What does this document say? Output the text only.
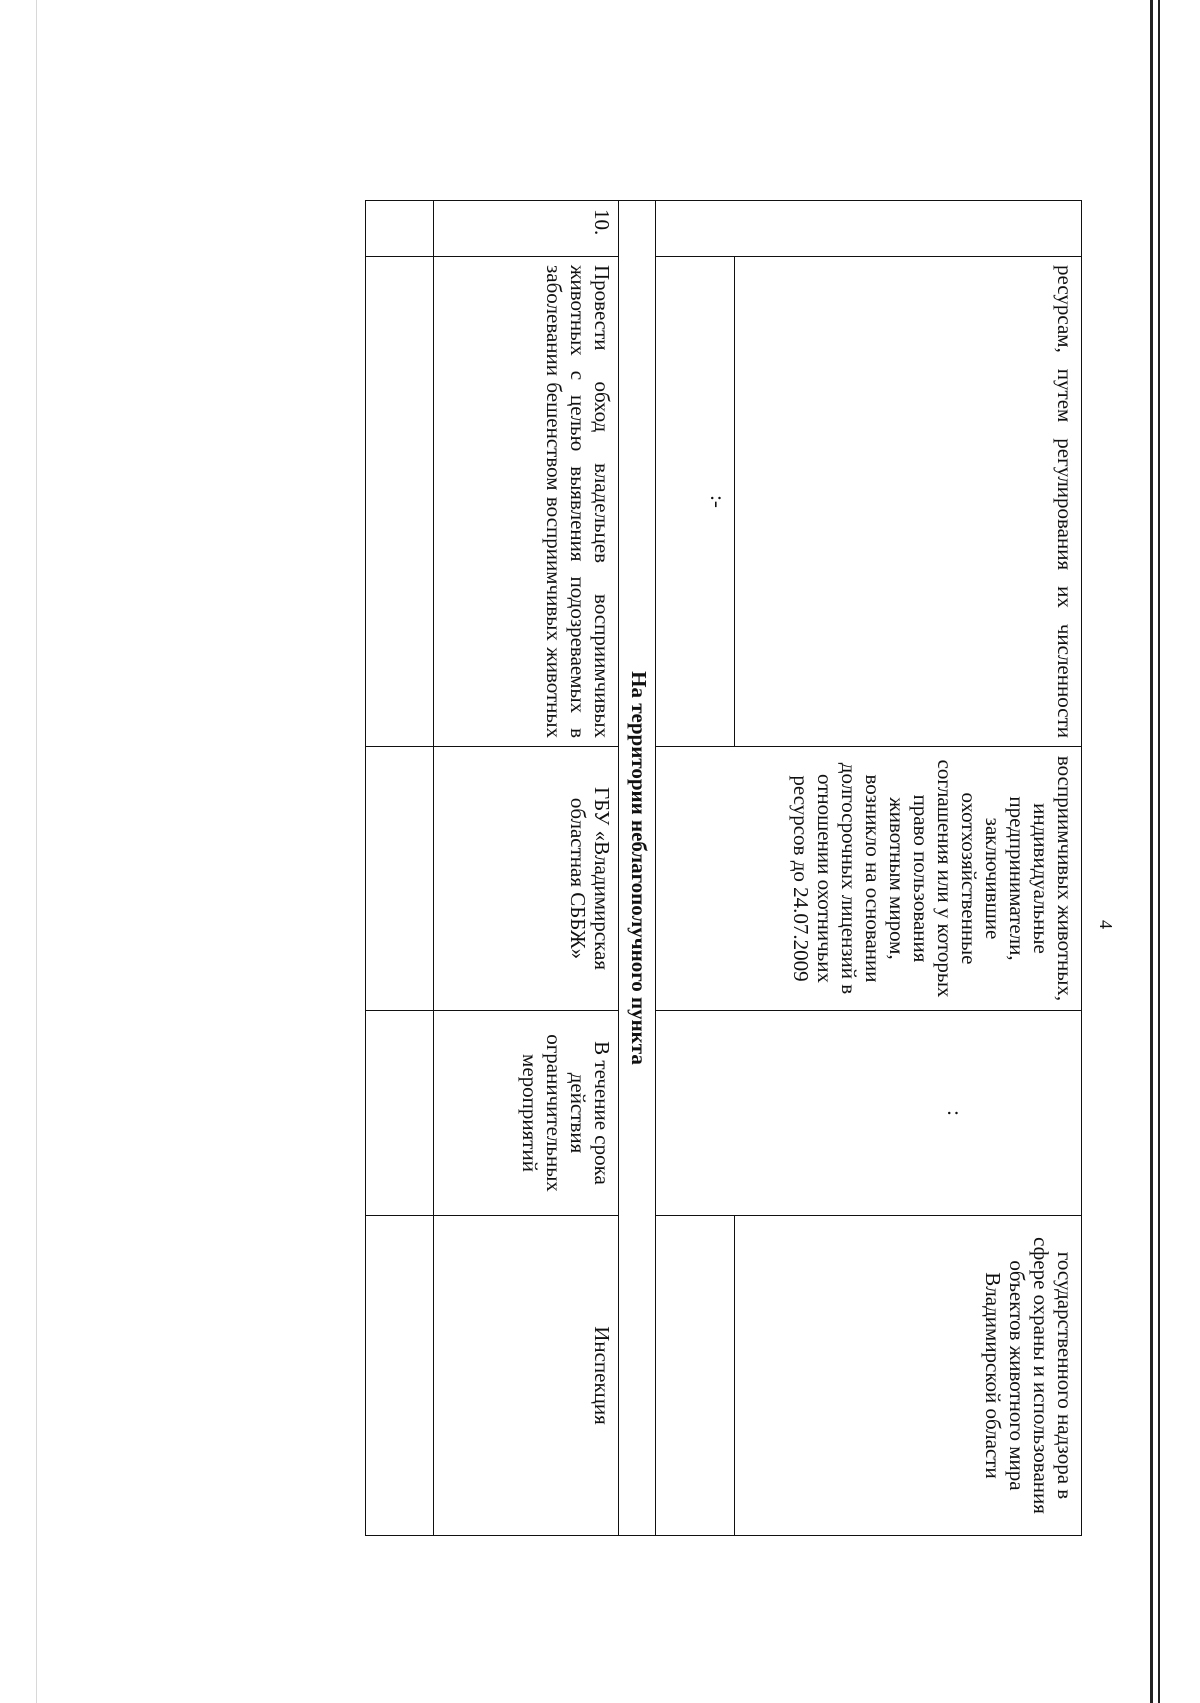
4

	ресурсам, путем регулирования их численности	восприимчивых животных, индивидуальные предприниматели, заключившие охотхозяйственные соглашения или у которых право пользования животным миром, возникло на основании долгосрочных лицензий в отношении охотничьих ресурсов до 24.07.2009	:	государственного надзора в сфере охраны и использования объектов животного мира Владимирской области

	:-			

На территории неблагополучного пункта				
10.	Провести обход владельцев восприимчивых животных с целью выявления подозреваемых в заболевании бешенством восприимчивых животных	ГБУ «Владимирская областная СББЖ»	В течение срока действия ограничительных мероприятий	Инспекция
